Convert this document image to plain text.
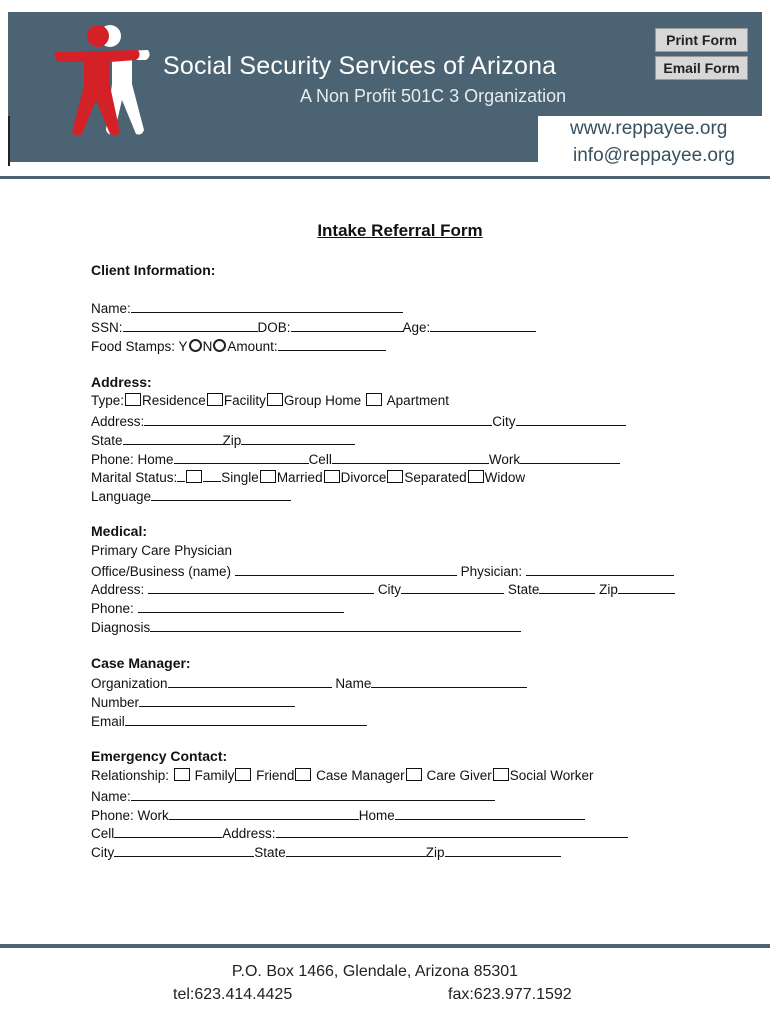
Social Security Services of Arizona
A Non Profit 501C 3 Organization
Print Form
Email Form
www.reppayee.org
info@reppayee.org
Intake Referral Form
Client Information:
Name:
SSN:	DOB:	Age:
Food Stamps: Y N Amount:
Address:
Type: Residence Facility Group Home Apartment
Address:	City
State	Zip
Phone: Home	Cell	Work
Marital Status:	Single Married Divorce Separated Widow
Language
Medical:
Primary Care Physician
Office/Business (name)	Physician:
Address:	City	State	Zip
Phone:
Diagnosis
Case Manager:
Organization	Name
Number
Email
Emergency Contact:
Relationship: Family Friend Case Manager Care Giver Social Worker
Name:
Phone: Work	Home
Cell	Address:
City	State	Zip
P.O. Box 1466, Glendale, Arizona 85301
tel:623.414.4425	fax:623.977.1592
